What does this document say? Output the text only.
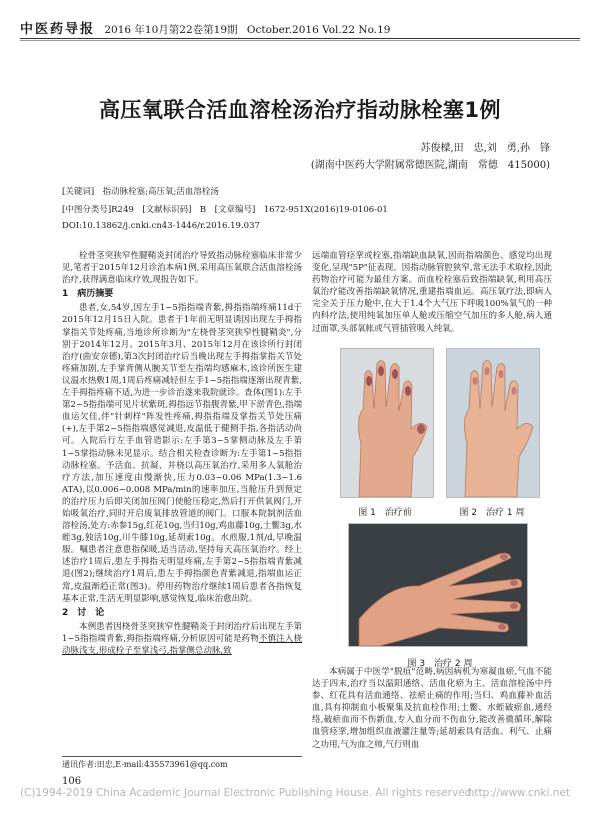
中医药导报 2016 年10月第22卷第19期 October.2016 Vol.22 No.19
高压氧联合活血溶栓汤治疗指动脉栓塞1例
苏俊樑,田　忠,刘　勇,孙　锋
(湖南中医药大学附属常德医院,湖南　常德　415000)
[关键词]　指动脉栓塞;高压氧;活血溶栓汤
[中图分类号]R249　[文献标识码]　B　[文章编号]　1672-951X(2016)19-0106-01
DOI:10.13862/j.cnki.cn43-1446/r.2016.19.037

栓骨茎突狭窄性腱鞘炎封闭治疗导致指动脉栓塞临床非常少见,笔者于2015年12月诊治本病1例,采用高压氧联合活血溶栓汤治疗,获得满意临床疗效,现报告如下。

1　病历摘要

患者,女,54岁,因左手1~5指指端青紫,拇指指端疼痛11d于2015年12月15日入院。患者于1年前无明显诱因出现左手拇指掌指关节处疼痛,当地诊所诊断为"左桡骨茎突狭窄性腱鞘炎",分别于2014年12月、2015年3月、2015年12月在该诊所行封闭治疗(曲安奈德),第3次封闭治疗后当晚出现左手拇指掌指关节处疼痛加剧,左手掌背侧从腕关节至左指端均感麻木,该诊所医生建议温水热敷1周,1周后疼痛减轻但左手1~5指指端逐渐出现青紫,左手拇指疼痛不适,为进一步诊治遂来我院就诊。查体(图1):左手第2~5指指端可见片状紫斑,拇指远节指腹青紫,甲下淤青色,指端血运欠佳,伴"针刺样"阵发性疼痛,拇指指端及掌指关节处压痛(+),左手第2~5指指端感觉减退,皮温低于健侧手指,各指活动尚可。入院后行左手血管造影示:左手第3~5掌侧动脉及左手第1~5掌指动脉未见显示。结合相关检查诊断为:左手第1~5指指动脉栓塞。予活血、抗凝、并桡以高压氧治疗,采用多人氧舱治疗方法,加压速度由慢渐快,压力0.03~0.06 MPa(1.3~1.6 ATA),以0.006~0.008 MPa/min的速率加压,当舱压升到预定的治疗压力后即关闭加压阀门使舱压稳定,然后打开供氧阀门,开始吸氧治疗,同时开启废氧排放管道的阀门。口服本院制剂活血溶栓汤,处方:赤参15g,红花10g,当归10g,鸡血藤10g,土鳖3g,水蛭3g,独活10g,川牛膝10g,延胡索10g。水煎服,1剂/d,早晚温服。嘱患者注意患指保暖,适当活动,坚持每天高压氧治疗。经上述治疗1周后,患左手拇指无明显疼痛,左手第2~5指指端青紫减退(图2);继续治疗1周后,患左手拇指颜色青紫减退,指端血运正常,皮温渐趋正常(图3)。停用药物治疗继续1周后患者各指恢复基本正常,生活无明显影响,感觉恢复,临床治愈出院。

2　讨　论

本例患者因桡骨茎突狭窄性腱鞘炎于封闭治疗后出现左手第1~5指指端青紫,拇指指端疼痛,分析原因可能是药物不慎注入桡动脉浅支,形成栓子至掌浅弓,指掌侧总动脉,致

通讯作者:田忠,E-mail:435573961@qq.com
106

远端血管痉挛或栓塞,指端缺血缺氧,因而指端颜色、感觉均出现变化,呈现"5P"征表现。因指动脉管腔狭窄,常无法手术取栓,因此药物治疗可能为最佳方案。而血栓栓塞后致指端缺氧,利用高压氧治疗能改善指端缺氧情况,重建指端血运。高压氧疗法,即病人完全关于压力舱中,在大于1.4个大气压下呼吸100%氧气的一种内科疗法,使用纯氧加压单人舱或压缩空气加压的多人舱,病人通过面罩,头部氧帐或气管插管吸入纯氧。

图 1　治疗前	图 2　治疗 1 周
图 3　治疗 2 周

本病属于中医学"脱疽"范畴,病因病机为寒凝血瘀,气血不能达于四末,治疗当以温阳通络、活血化瘀为主。活血溶栓汤中丹参、红花具有活血通络、祛瘀止痛的作用;当归、鸡血藤补血活血,具有抑制血小板聚集及抗血栓作用;土鳖、水蛭破瘀血,通经络,破瘀血而不伤新血,专入血分而不伤血分,能改善微循环,解除血管痉挛,增加组织血液灌注量等;延胡索具有活血、利气、止痛之功用,气为血之帅,气行则血

(C)1994-2019 China Academic Journal Electronic Publishing House. All rights reserved.
http://www.cnki.net
